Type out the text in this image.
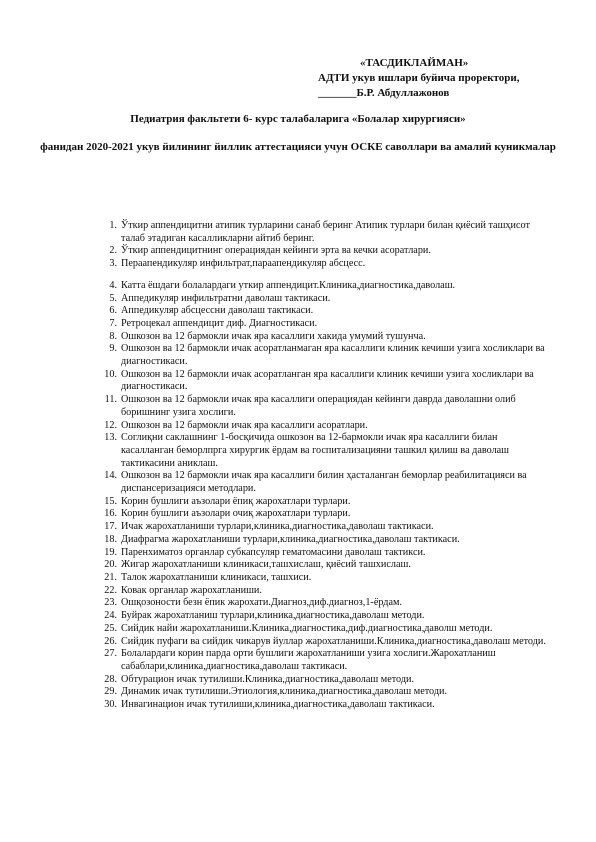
«ТАСДИКЛАЙМАН»
АДТИ укув ишлари буйича проректори,
_______Б.Р. Абдуллажонов
Педиатрия факльтети 6- курс талабаларига «Болалар хирургияси»
фанидан 2020-2021 укув йилининг йиллик аттестацияси учун ОСКЕ саволлари ва амалий куникмалар
1. Ўткир аппендицитни атипик турларини санаб беринг Атипик турлари билан қиёсий ташҳисот талаб этадиган касалликларни айтиб беринг.
2. Ўткир аппендицитнинг операциядан кейинги эрта ва кечки асоратлари.
3. Пераапендикуляр инфильтрат,параапендикуляр абсцесс.
4. Катта ёшдаги болалардаги уткир аппендицит.Клиника,диагностика,даволаш.
5. Аппедикуляр инфильтратни даволаш тактикаси.
6. Аппедикуляр абсцессни даволаш тактикаси.
7. Ретроцекал аппендицит диф. Диагностикаси.
8. Ошкозон ва 12 бармокли ичак яра касаллиги хакида умумий тушунча.
9. Ошкозон ва 12 бармокли ичак асоратланмаган яра касаллиги клиник кечиши узига хосликлари ва диагностикаси.
10. Ошкозон ва 12 бармокли ичак асоратланган яра касаллиги клиник кечиши узига хосликлари ва диагностикаси.
11. Ошкозон ва 12 бармокли ичак яра касаллиги операциядан кейинги даврда даволашни олиб боришнинг узига хослиги.
12. Ошкозон ва 12 бармокли ичак яра касаллиги асоратлари.
13. Соглиқни саклашнинг 1-босқичида ошкозон ва 12-бармокли ичак яра касаллиги билан касалланган беморлпрга хирургик ёрдам ва госпитализацияни ташкил қилиш ва даволаш тактикасини аниклаш.
14. Ошкозон ва 12 бармокли ичак яра касаллиги билин ҳасталанган беморлар реабилитацияси ва диспансеризацияси методлари.
15. Корин бушлиги аъзолари ёпиқ жарохатлари турлари.
16. Корин бушлиги аъзолари очиқ жарохатлари турлари.
17. Ичак жарохатланиши турлари,клиника,диагностика,даволаш тактикаси.
18. Диафрагма жарохатланиши турлари,клиника,диагностика,даволаш тактикаси.
19. Паренхиматоз органлар субкапсуляр гематомасини даволаш тактикси.
20. Жигар жарохатланиши клиникаси,ташхислаш, қиёсий ташхислаш.
21. Талок жарохатланиши клиникаси, ташхиси.
22. Ковак органлар жарохатланиши.
23. Ошқозоности безн ёпик жарохати.Диагноз,диф.диагноз,1-ёрдам.
24. Буйрак жарохатланиш турлари,клиника,диагностика,даволаш методи.
25. Сийдик найи жарохатланиши.Клиника,диагностика,диф.диагностика,даволш методи.
26. Сийдик пуфаги ва сийдик чикарув йуллар жарохатланиши.Клиника,диагностика,даволаш методи.
27. Болалардаги корин парда орти бушлиги жарохатланиши узига хослиги.Жарохатланиш сабаблари,клиника,диагностика,даволаш тактикаси.
28. Обтурацион ичак тутилиши.Клиника,диагностика,даволаш методи.
29. Динамик ичак тутилиши.Этиология,клиника,диагностика,даволаш методи.
30. Инвагинацион ичак тутилиши,клиника,диагностика,даволаш тактикаси.
